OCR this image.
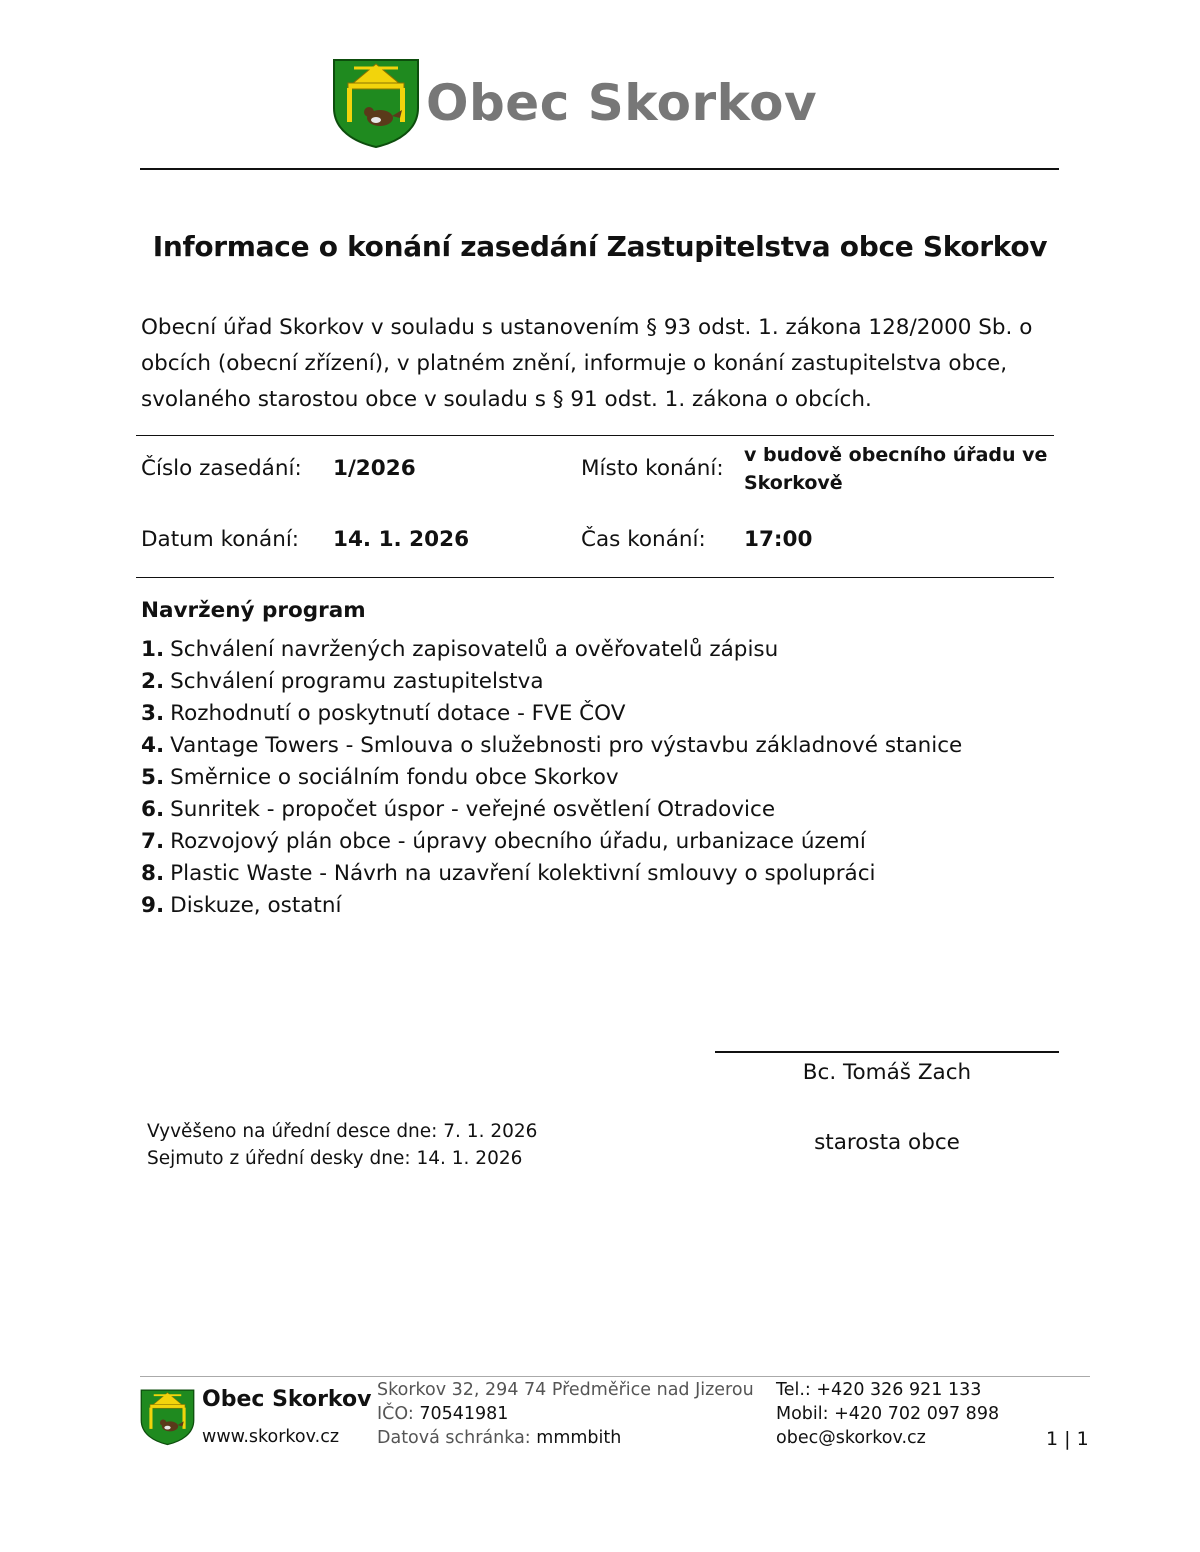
Obec Skorkov
Informace o konání zasedání Zastupitelstva obce Skorkov
Obecní úřad Skorkov v souladu s ustanovením § 93 odst. 1. zákona 128/2000 Sb. o
obcích (obecní zřízení), v platném znění, informuje o konání zastupitelstva obce,
svolaného starostou obce v souladu s § 91 odst. 1. zákona o obcích.
Číslo zasedání: 1/2026	Místo konání:
v budově obecního úřadu ve
Skorkově
Datum konání: 14. 1. 2026	Čas konání: 17:00
Navržený program
1. Schválení navržených zapisovatelů a ověřovatelů zápisu
2. Schválení programu zastupitelstva
3. Rozhodnutí o poskytnutí dotace - FVE ČOV
4. Vantage Towers - Smlouva o služebnosti pro výstavbu základnové stanice
5. Směrnice o sociálním fondu obce Skorkov
6. Sunritek - propočet úspor - veřejné osvětlení Otradovice
7. Rozvojový plán obce - úpravy obecního úřadu, urbanizace území
8. Plastic Waste - Návrh na uzavření kolektivní smlouvy o spolupráci
9. Diskuze, ostatní
Bc. Tomáš Zach
starosta obce
Vyvěšeno na úřední desce dne: 7. 1. 2026
Sejmuto z úřední desky dne: 14. 1. 2026
Obec Skorkov
www.skorkov.cz
Skorkov 32, 294 74 Předměřice nad Jizerou
IČO: 70541981
Datová schránka: mmmbith
Tel.: +420 326 921 133
Mobil: +420 702 097 898
obec@skorkov.cz	1 | 1
